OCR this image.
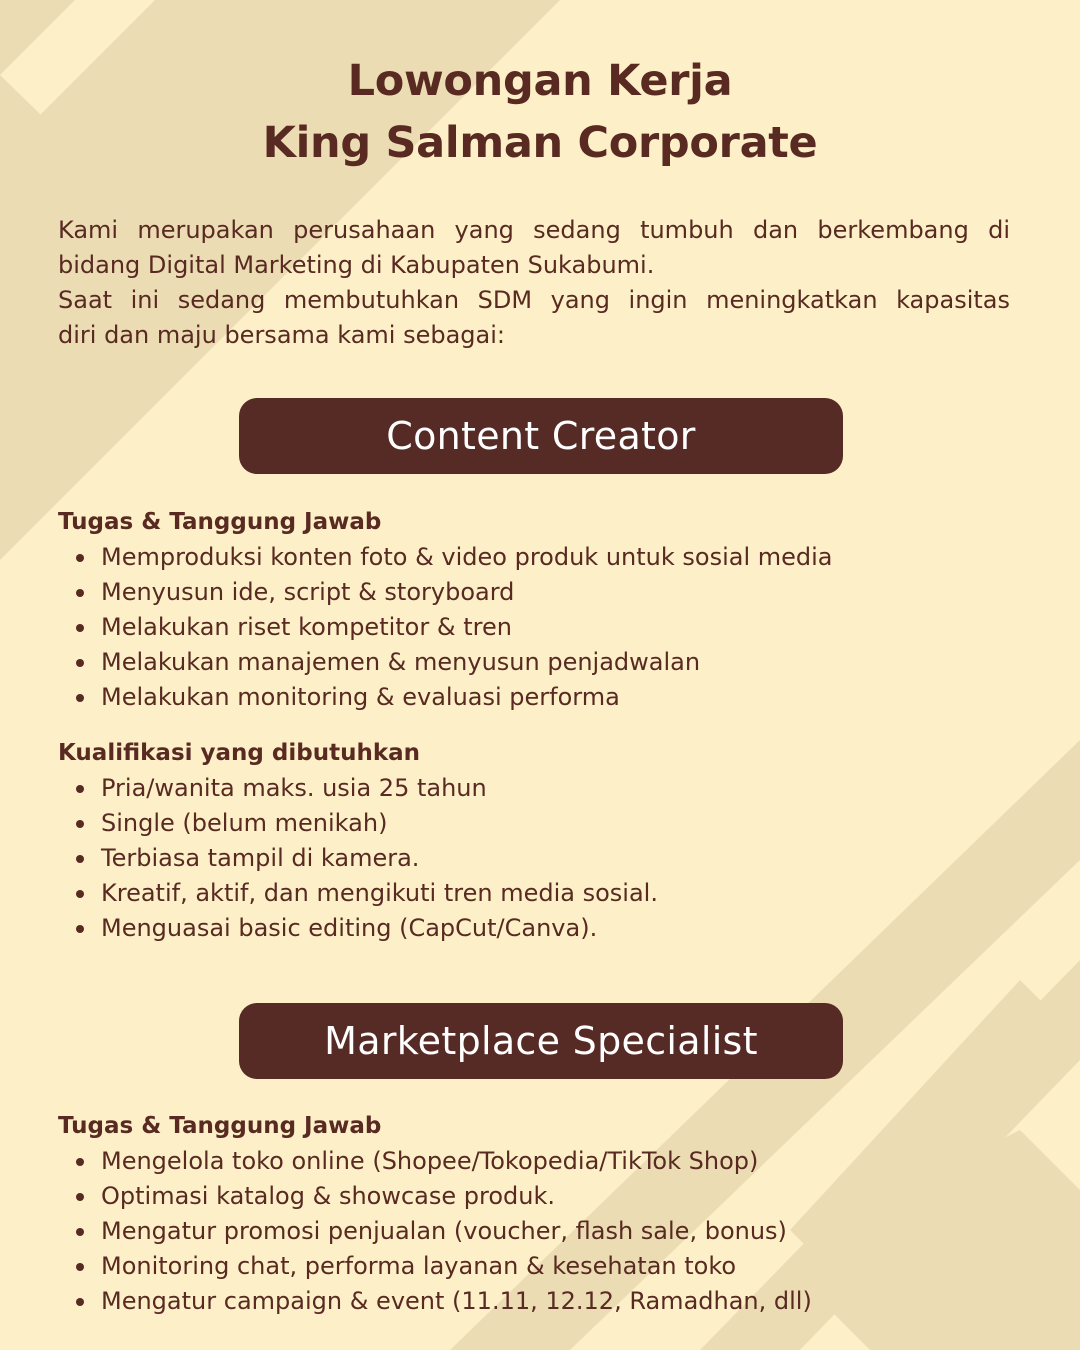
Lowongan Kerja
King Salman Corporate

Kami merupakan perusahaan yang sedang tumbuh dan berkembang di
bidang Digital Marketing di Kabupaten Sukabumi.
Saat ini sedang membutuhkan SDM yang ingin meningkatkan kapasitas
diri dan maju bersama kami sebagai:

Content Creator
Tugas & Tanggung Jawab
Memproduksi konten foto & video produk untuk sosial media
Menyusun ide, script & storyboard
Melakukan riset kompetitor & tren
Melakukan manajemen & menyusun penjadwalan
Melakukan monitoring & evaluasi performa
Kualifikasi yang dibutuhkan
Pria/wanita maks. usia 25 tahun
Single (belum menikah)
Terbiasa tampil di kamera.
Kreatif, aktif, dan mengikuti tren media sosial.
Menguasai basic editing (CapCut/Canva).
Marketplace Specialist
Tugas & Tanggung Jawab
Mengelola toko online (Shopee/Tokopedia/TikTok Shop)
Optimasi katalog & showcase produk.
Mengatur promosi penjualan (voucher, flash sale, bonus)
Monitoring chat, performa layanan & kesehatan toko
Mengatur campaign & event (11.11, 12.12, Ramadhan, dll)
